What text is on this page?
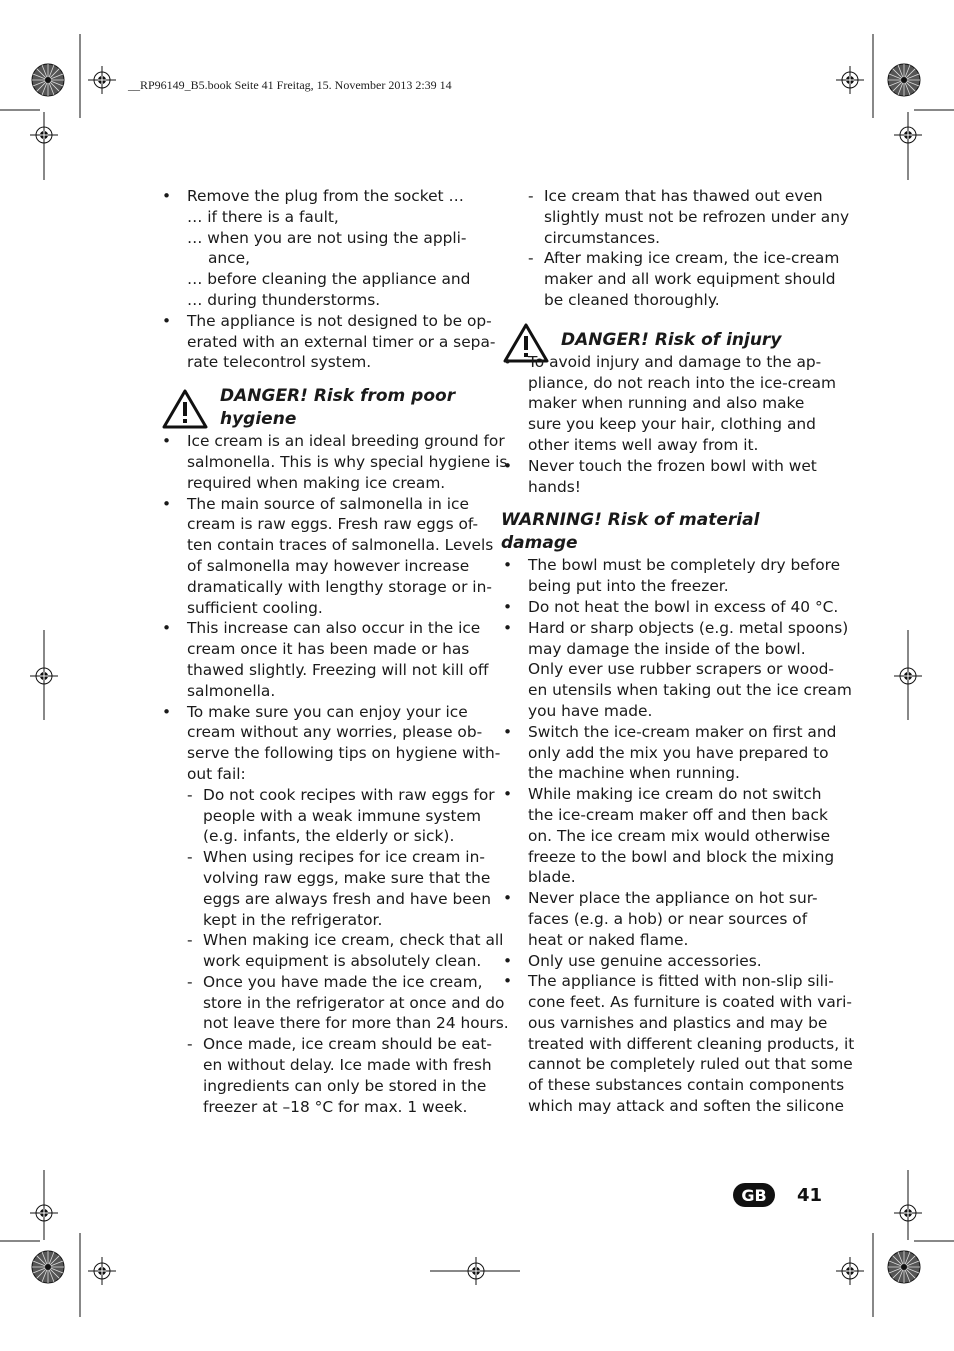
__RP96149_B5.book Seite 41 Freitag, 15. November 2013 2:39 14
• Remove the plug from the socket …
… if there is a fault,
… when you are not using the appli-
ance,
… before cleaning the appliance and
… during thunderstorms.
• The appliance is not designed to be op-
erated with an external timer or a sepa-
rate telecontrol system.
DANGER! Risk from poor
hygiene
• Ice cream is an ideal breeding ground for
salmonella. This is why special hygiene is
required when making ice cream.
• The main source of salmonella in ice
cream is raw eggs. Fresh raw eggs of-
ten contain traces of salmonella. Levels
of salmonella may however increase
dramatically with lengthy storage or in-
sufficient cooling.
• This increase can also occur in the ice
cream once it has been made or has
thawed slightly. Freezing will not kill off
salmonella.
• To make sure you can enjoy your ice
cream without any worries, please ob-
serve the following tips on hygiene with-
out fail:
- Do not cook recipes with raw eggs for
people with a weak immune system
(e.g. infants, the elderly or sick).
- When using recipes for ice cream in-
volving raw eggs, make sure that the
eggs are always fresh and have been
kept in the refrigerator.
- When making ice cream, check that all
work equipment is absolutely clean.
- Once you have made the ice cream,
store in the refrigerator at once and do
not leave there for more than 24 hours.
- Once made, ice cream should be eat-
en without delay. Ice made with fresh
ingredients can only be stored in the
freezer at –18 °C for max. 1 week.
- Ice cream that has thawed out even
slightly must not be refrozen under any
circumstances.
- After making ice cream, the ice-cream
maker and all work equipment should
be cleaned thoroughly.
DANGER! Risk of injury
• To avoid injury and damage to the ap-
pliance, do not reach into the ice-cream
maker when running and also make
sure you keep your hair, clothing and
other items well away from it.
• Never touch the frozen bowl with wet
hands!
WARNING! Risk of material
damage
• The bowl must be completely dry before
being put into the freezer.
• Do not heat the bowl in excess of 40 °C.
• Hard or sharp objects (e.g. metal spoons)
may damage the inside of the bowl.
Only ever use rubber scrapers or wood-
en utensils when taking out the ice cream
you have made.
• Switch the ice-cream maker on first and
only add the mix you have prepared to
the machine when running.
• While making ice cream do not switch
the ice-cream maker off and then back
on. The ice cream mix would otherwise
freeze to the bowl and block the mixing
blade.
• Never place the appliance on hot sur-
faces (e.g. a hob) or near sources of
heat or naked flame.
• Only use genuine accessories.
• The appliance is fitted with non-slip sili-
cone feet. As furniture is coated with vari-
ous varnishes and plastics and may be
treated with different cleaning products, it
cannot be completely ruled out that some
of these substances contain components
which may attack and soften the silicone
GB	41
